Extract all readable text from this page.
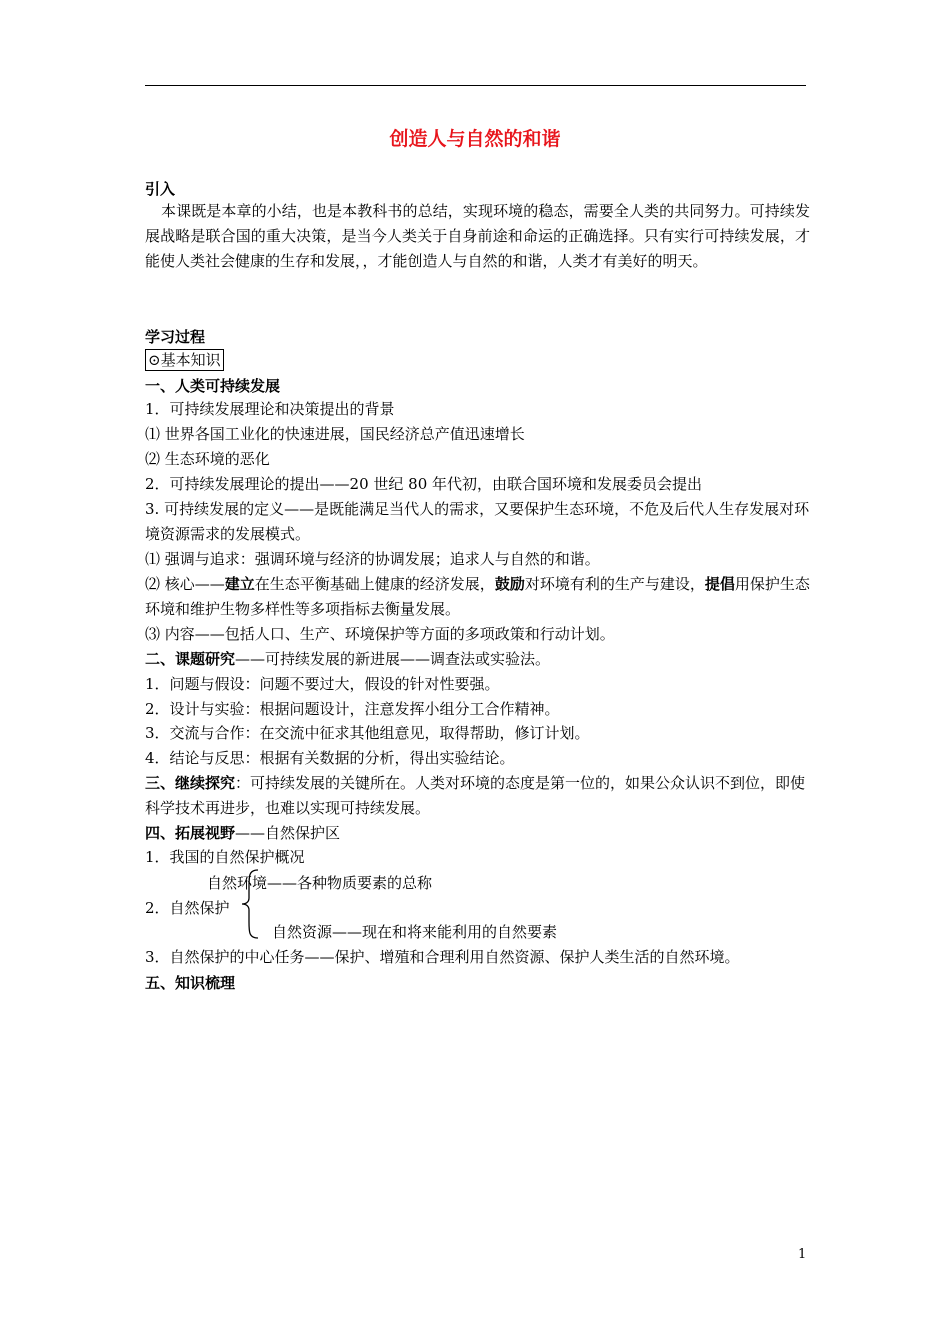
创造人与自然的和谐
引入
本课既是本章的小结，也是本教科书的总结，实现环境的稳态，需要全人类的共同努力。可持续发展战略是联合国的重大决策，是当今人类关于自身前途和命运的正确选择。只有实行可持续发展，才能使人类社会健康的生存和发展，，才能创造人与自然的和谐，人类才有美好的明天。
学习过程
⊙基本知识
一、人类可持续发展
1．可持续发展理论和决策提出的背景
⑴ 世界各国工业化的快速进展，国民经济总产值迅速增长
⑵ 生态环境的恶化
2．可持续发展理论的提出——20 世纪 80 年代初，由联合国环境和发展委员会提出
3. 可持续发展的定义——是既能满足当代人的需求，又要保护生态环境，不危及后代人生存发展对环境资源需求的发展模式。
⑴ 强调与追求：强调环境与经济的协调发展；追求人与自然的和谐。
⑵ 核心——建立在生态平衡基础上健康的经济发展，鼓励对环境有利的生产与建设，提倡用保护生态环境和维护生物多样性等多项指标去衡量发展。
⑶ 内容——包括人口、生产、环境保护等方面的多项政策和行动计划。
二、课题研究——可持续发展的新进展——调查法或实验法。
1．问题与假设：问题不要过大，假设的针对性要强。
2．设计与实验：根据问题设计，注意发挥小组分工合作精神。
3．交流与合作：在交流中征求其他组意见，取得帮助，修订计划。
4．结论与反思：根据有关数据的分析，得出实验结论。
三、继续探究：可持续发展的关键所在。人类对环境的态度是第一位的，如果公众认识不到位，即使科学技术再进步，也难以实现可持续发展。
四、拓展视野——自然保护区
1．我国的自然保护概况
自然环境——各种物质要素的总称
2．自然保护
自然资源——现在和将来能利用的自然要素
3．自然保护的中心任务——保护、增殖和合理利用自然资源、保护人类生活的自然环境。
五、知识梳理
1
